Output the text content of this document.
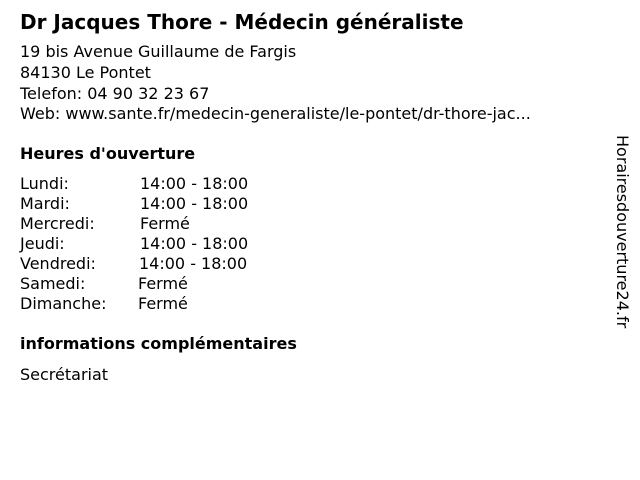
Dr Jacques Thore - Médecin généraliste
19 bis Avenue Guillaume de Fargis
84130 Le Pontet
Telefon: 04 90 32 23 67
Web: www.sante.fr/medecin-generaliste/le-pontet/dr-thore-jac...
Heures d'ouverture
Lundi:	14:00 - 18:00
Mardi:	14:00 - 18:00
Mercredi:	Fermé
Jeudi:	14:00 - 18:00
Vendredi:	14:00 - 18:00
Samedi:	Fermé
Dimanche: Fermé
informations complémentaires
Secrétariat
Horairesdouverture24.fr
